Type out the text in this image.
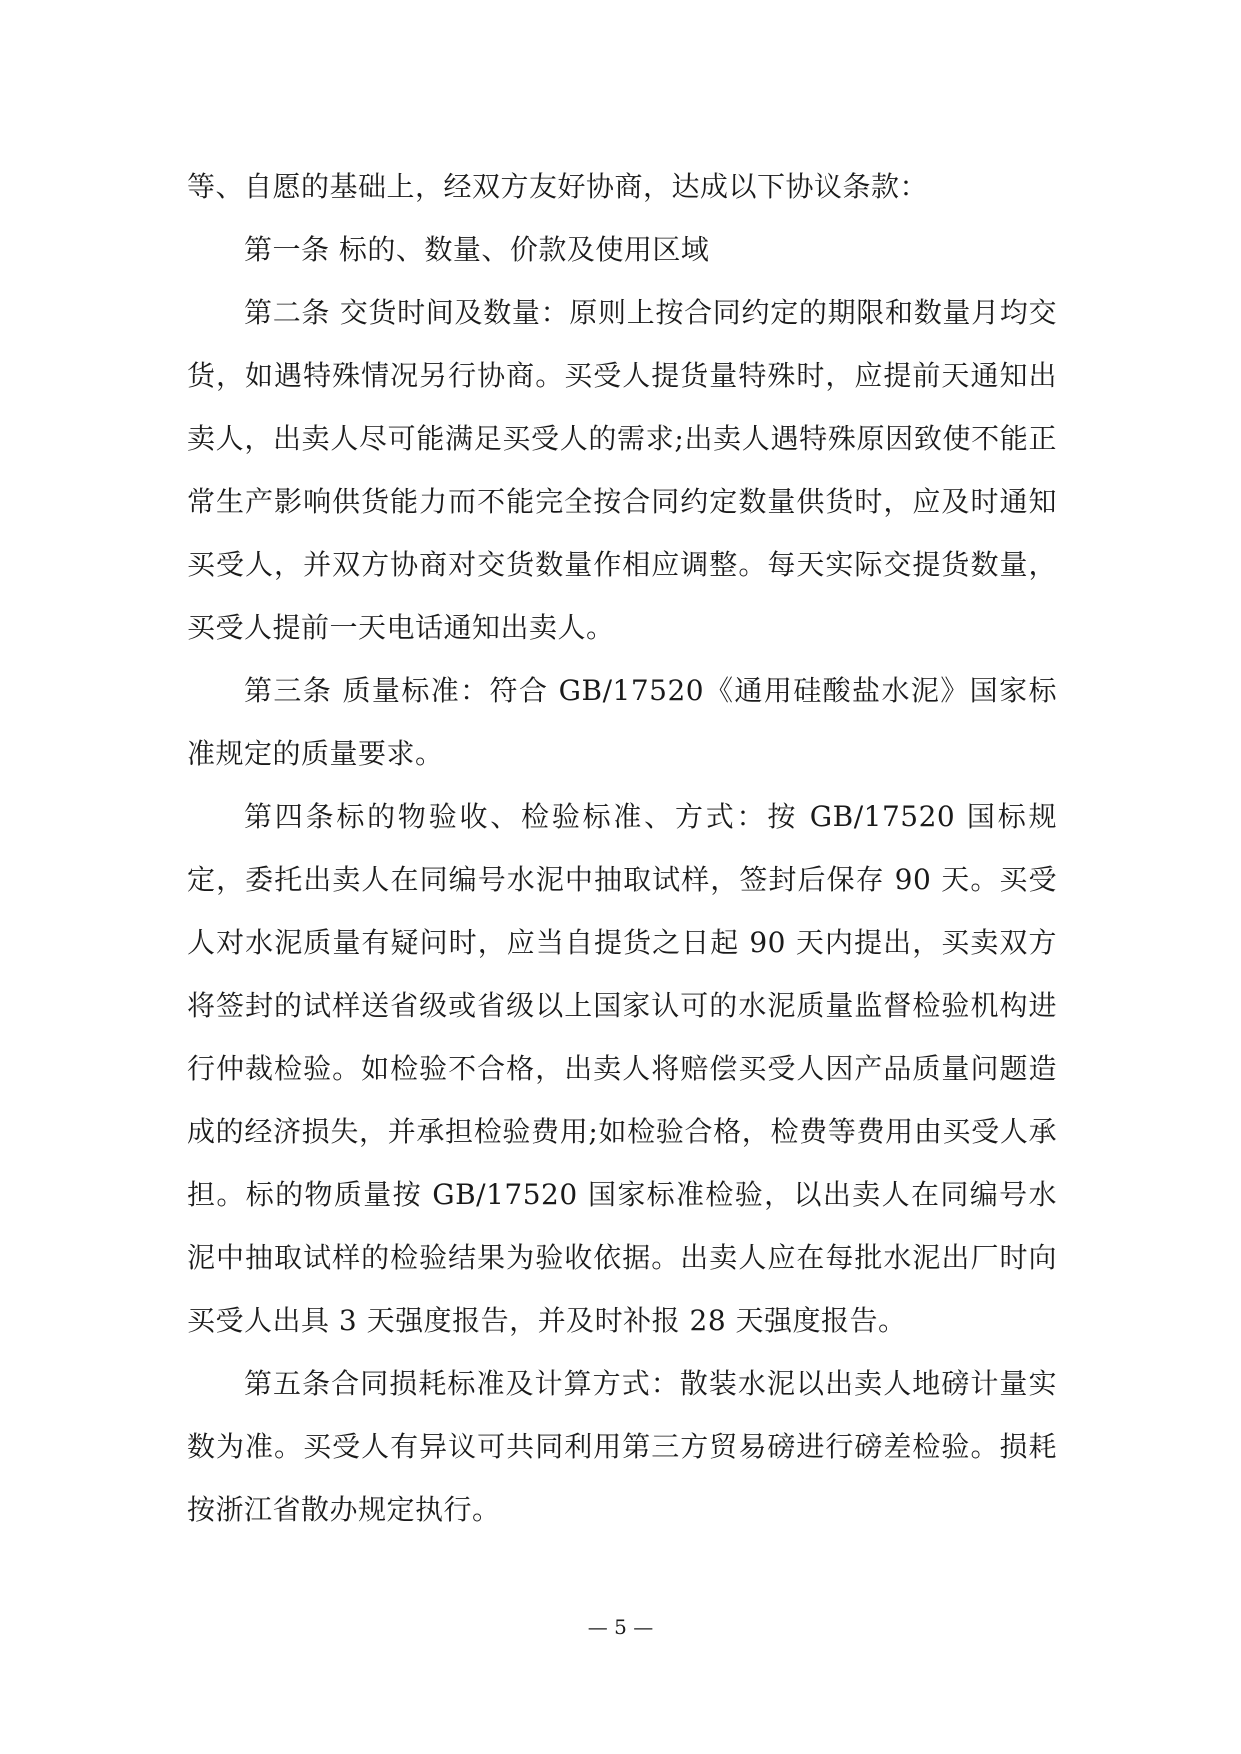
等、自愿的基础上，经双方友好协商，达成以下协议条款：

第一条 标的、数量、价款及使用区域

第二条 交货时间及数量：原则上按合同约定的期限和数量月均交货，如遇特殊情况另行协商。买受人提货量特殊时，应提前天通知出卖人，出卖人尽可能满足买受人的需求;出卖人遇特殊原因致使不能正常生产影响供货能力而不能完全按合同约定数量供货时，应及时通知买受人，并双方协商对交货数量作相应调整。每天实际交提货数量，买受人提前一天电话通知出卖人。

第三条 质量标准：符合 GB/17520《通用硅酸盐水泥》国家标准规定的质量要求。

第四条标的物验收、检验标准、方式：按 GB/17520 国标规定，委托出卖人在同编号水泥中抽取试样，签封后保存 90 天。买受人对水泥质量有疑问时，应当自提货之日起 90 天内提出，买卖双方将签封的试样送省级或省级以上国家认可的水泥质量监督检验机构进行仲裁检验。如检验不合格，出卖人将赔偿买受人因产品质量问题造成的经济损失，并承担检验费用;如检验合格，检费等费用由买受人承担。标的物质量按 GB/17520 国家标准检验，以出卖人在同编号水泥中抽取试样的检验结果为验收依据。出卖人应在每批水泥出厂时向买受人出具 3 天强度报告，并及时补报 28 天强度报告。

第五条合同损耗标准及计算方式：散装水泥以出卖人地磅计量实数为准。买受人有异议可共同利用第三方贸易磅进行磅差检验。损耗按浙江省散办规定执行。

— 5 —
